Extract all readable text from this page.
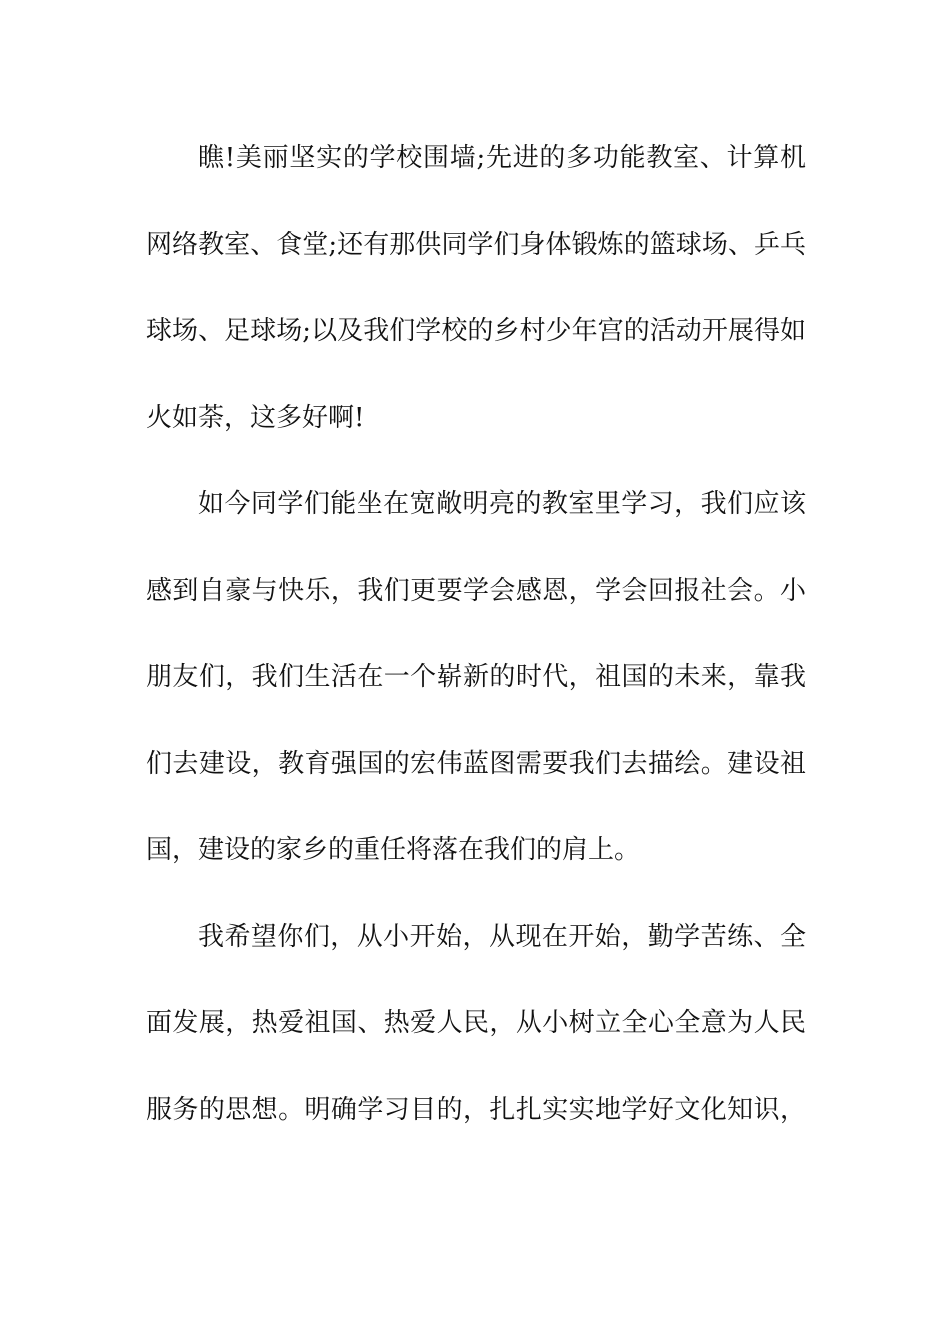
瞧!美丽坚实的学校围墙;先进的多功能教室、计算机
网络教室、食堂;还有那供同学们身体锻炼的篮球场、乒乓
球场、足球场;以及我们学校的乡村少年宫的活动开展得如
火如荼，这多好啊!
如今同学们能坐在宽敞明亮的教室里学习，我们应该
感到自豪与快乐，我们更要学会感恩，学会回报社会。小
朋友们，我们生活在一个崭新的时代，祖国的未来，靠我
们去建设，教育强国的宏伟蓝图需要我们去描绘。建设祖
国，建设的家乡的重任将落在我们的肩上。
我希望你们，从小开始，从现在开始，勤学苦练、全
面发展，热爱祖国、热爱人民，从小树立全心全意为人民
服务的思想。明确学习目的，扎扎实实地学好文化知识，
